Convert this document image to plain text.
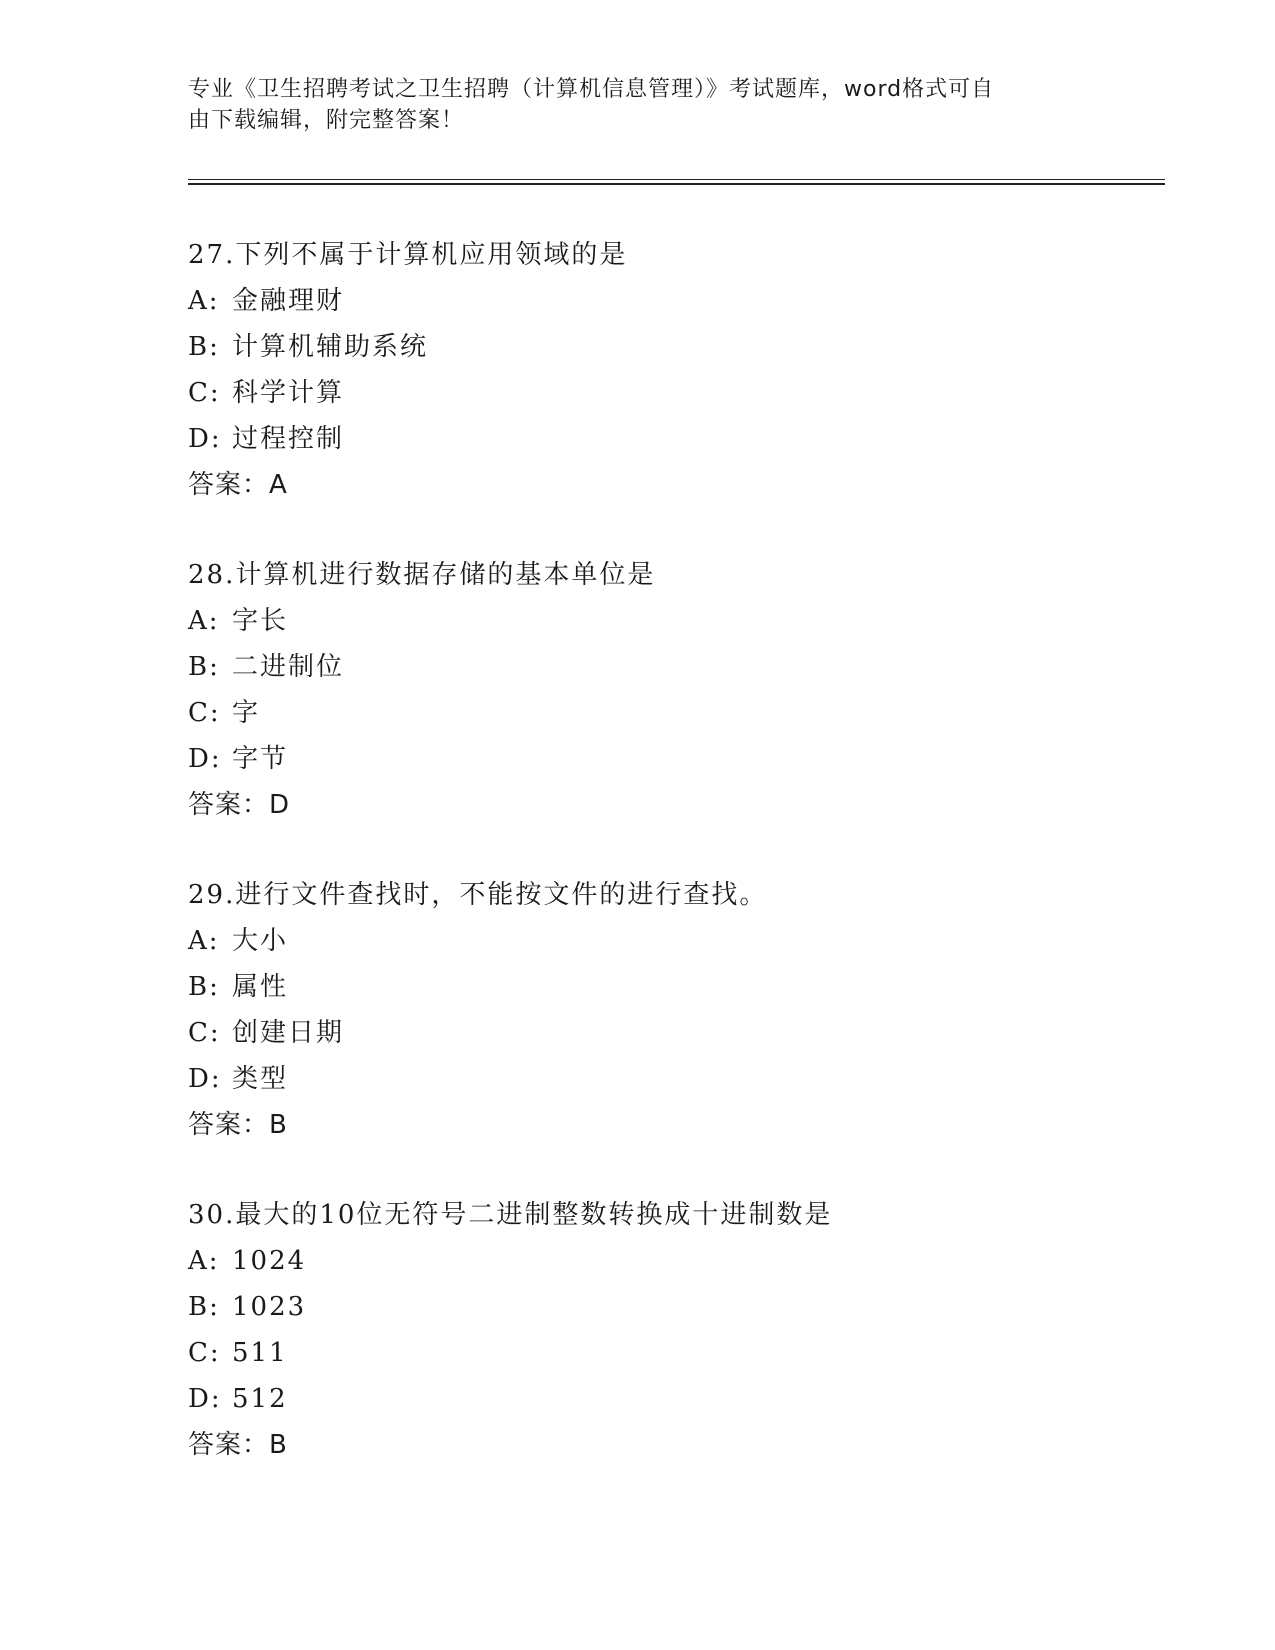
专业《卫生招聘考试之卫生招聘（计算机信息管理）》考试题库，word格式可自
由下载编辑，附完整答案！
27.下列不属于计算机应用领域的是
A: 金融理财
B: 计算机辅助系统
C: 科学计算
D: 过程控制
答案：A
28.计算机进行数据存储的基本单位是
A: 字长
B: 二进制位
C: 字
D: 字节
答案：D
29.进行文件查找时，不能按文件的进行查找。
A: 大小
B: 属性
C: 创建日期
D: 类型
答案：B
30.最大的10位无符号二进制整数转换成十进制数是
A: 1024
B: 1023
C: 511
D: 512
答案：B
